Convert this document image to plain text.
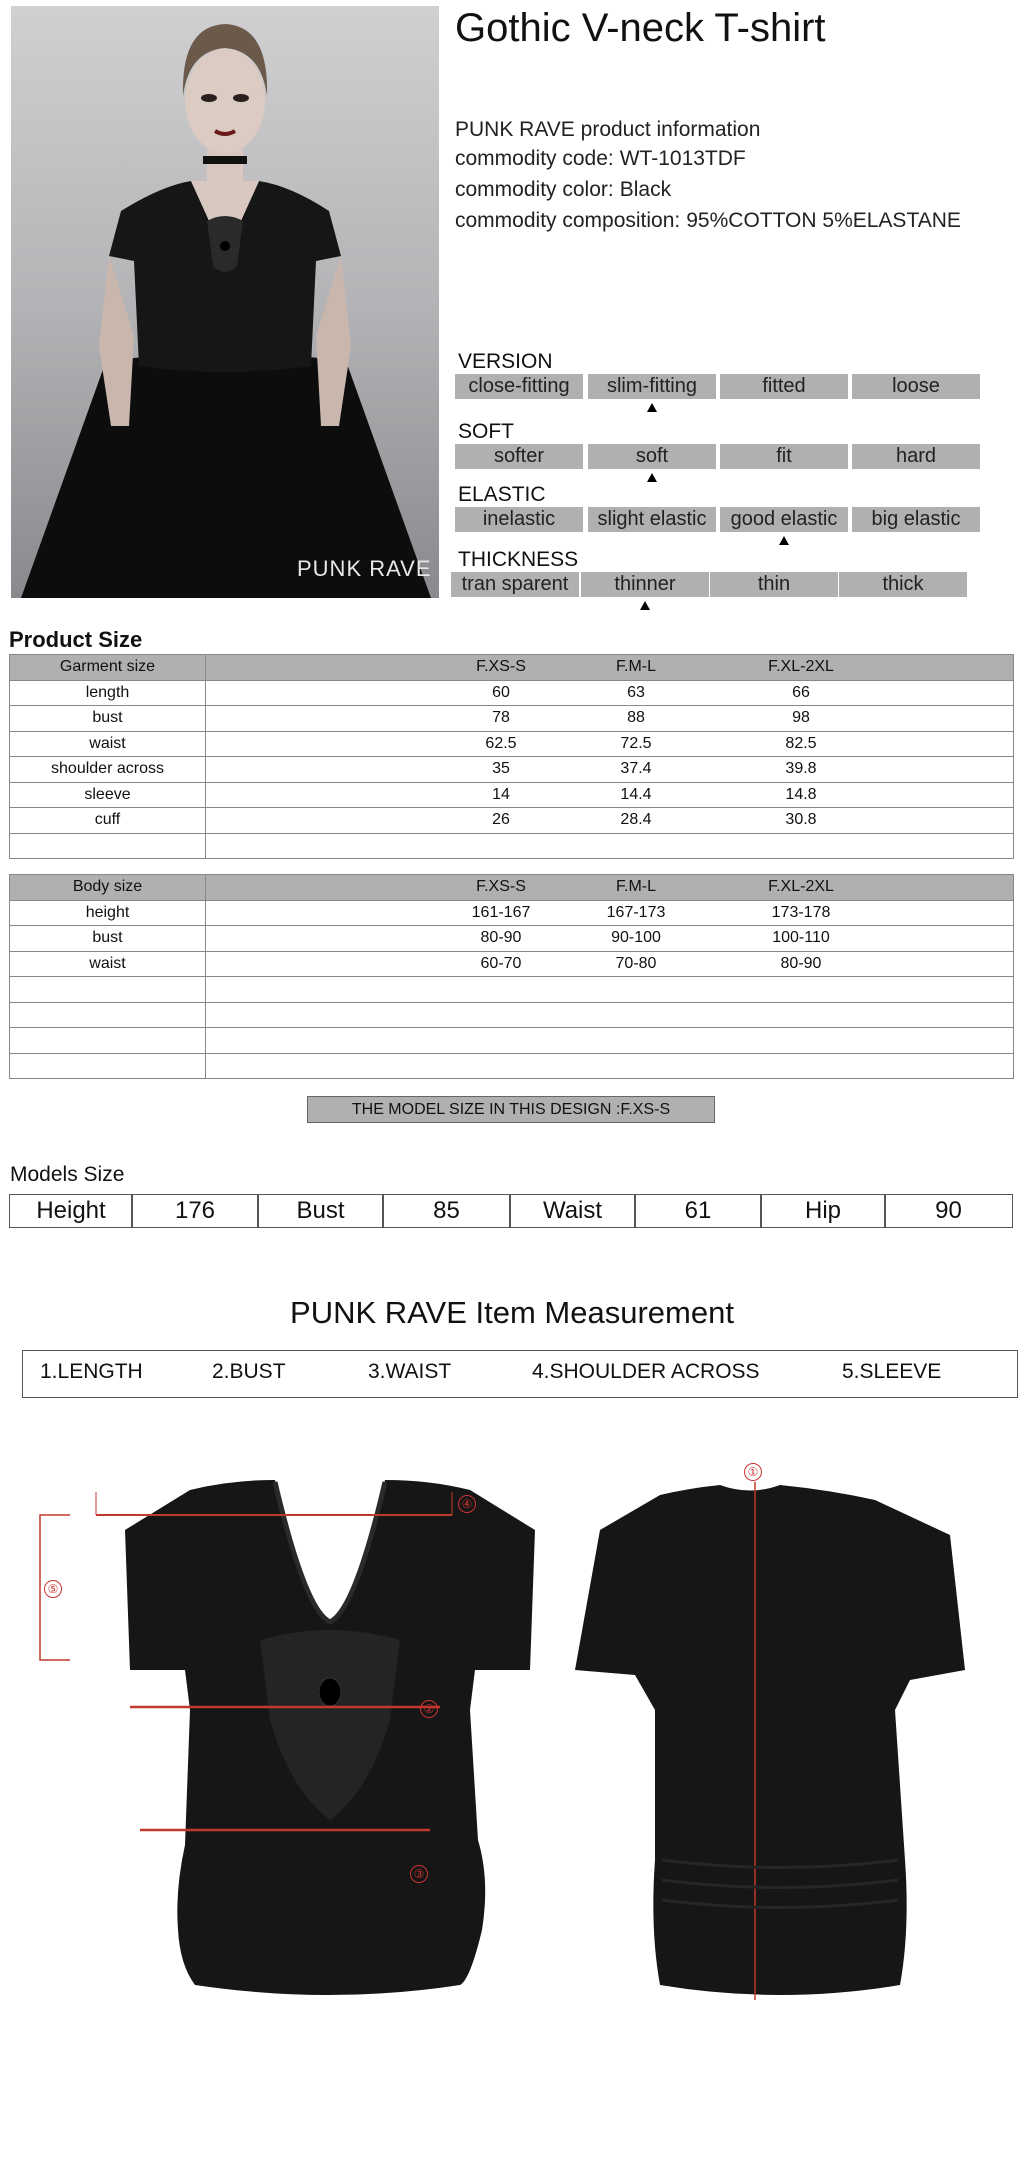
PUNK RAVE
Gothic V-neck T-shirt
PUNK RAVE product information
commodity code: WT-1013TDF
commodity color: Black
commodity composition: 95%COTTON 5%ELASTANE
VERSION
close-fitting	slim-fitting	fitted	loose
SOFT
softer	soft	fit	hard
ELASTIC
inelastic	slight elastic	good elastic	big elastic
THICKNESS
tran sparent	thinner	thin	thick
Product Size
Garment size	F.XS-S F.M-L F.XL-2XL

length	60 63 66

bust	78 88 98

waist	62.5 72.5 82.5

shoulder across	35 37.4 39.8

sleeve	14 14.4 14.8

cuff	26 28.4 30.8

Body size	F.XS-S F.M-L F.XL-2XL

height	161-167 167-173 173-178

bust	80-90 90-100 100-110

waist	60-70 70-80 80-90

THE MODEL SIZE IN THIS DESIGN :F.XS-S
Models Size
Height	176	Bust	85	Waist	61	Hip	90
PUNK RAVE Item Measurement
1.LENGTH	2.BUST	3.WAIST	4.SHOULDER ACROSS	5.SLEEVE
①
②
③
④
⑤
